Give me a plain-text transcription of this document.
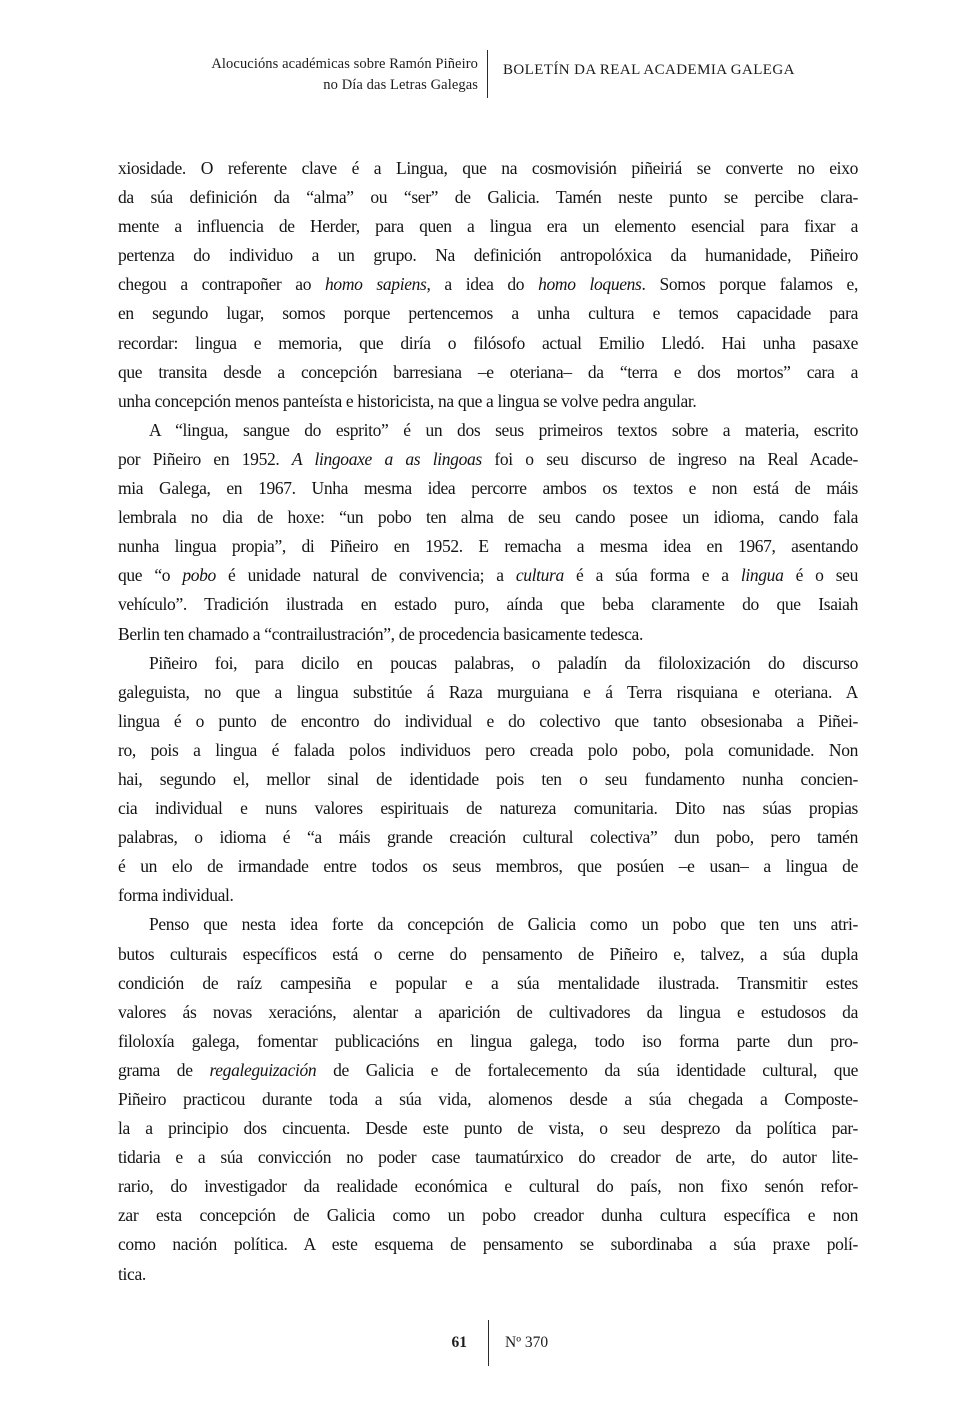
Alocucións académicas sobre Ramón Piñeiro
no Día das Letras Galegas
BOLETÍN DA REAL ACADEMIA GALEGA
xiosidade. O referente clave é a Lingua, que na cosmovisión piñeiriá se converte no eixo
da súa definición da “alma” ou “ser” de Galicia. Tamén neste punto se percibe clara-
mente a influencia de Herder, para quen a lingua era un elemento esencial para fixar a
pertenza do individuo a un grupo. Na definición antropolóxica da humanidade, Piñeiro
chegou a contrapoñer ao homo sapiens, a idea do homo loquens. Somos porque falamos e,
en segundo lugar, somos porque pertencemos a unha cultura e temos capacidade para
recordar: lingua e memoria, que diría o filósofo actual Emilio Lledó. Hai unha pasaxe
que transita desde a concepción barresiana –e oteriana– da “terra e dos mortos” cara a
unha concepción menos panteísta e historicista, na que a lingua se volve pedra angular.
A “lingua, sangue do esprito” é un dos seus primeiros textos sobre a materia, escrito
por Piñeiro en 1952. A lingoaxe a as lingoas foi o seu discurso de ingreso na Real Acade-
mia Galega, en 1967. Unha mesma idea percorre ambos os textos e non está de máis
lembrala no dia de hoxe: “un pobo ten alma de seu cando posee un idioma, cando fala
nunha lingua propia”, di Piñeiro en 1952. E remacha a mesma idea en 1967, asentando
que “o pobo é unidade natural de convivencia; a cultura é a súa forma e a lingua é o seu
vehículo”. Tradición ilustrada en estado puro, aínda que beba claramente do que Isaiah
Berlin ten chamado a “contrailustración”, de procedencia basicamente tedesca.
Piñeiro foi, para dicilo en poucas palabras, o paladín da filoloxización do discurso
galeguista, no que a lingua substitúe á Raza murguiana e á Terra risquiana e oteriana. A
lingua é o punto de encontro do individual e do colectivo que tanto obsesionaba a Piñei-
ro, pois a lingua é falada polos individuos pero creada polo pobo, pola comunidade. Non
hai, segundo el, mellor sinal de identidade pois ten o seu fundamento nunha concien-
cia individual e nuns valores espirituais de natureza comunitaria. Dito nas súas propias
palabras, o idioma é “a máis grande creación cultural colectiva” dun pobo, pero tamén
é un elo de irmandade entre todos os seus membros, que posúen –e usan– a lingua de
forma individual.
Penso que nesta idea forte da concepción de Galicia como un pobo que ten uns atri-
butos culturais específicos está o cerne do pensamento de Piñeiro e, talvez, a súa dupla
condición de raíz campesiña e popular e a súa mentalidade ilustrada. Transmitir estes
valores ás novas xeracións, alentar a aparición de cultivadores da lingua e estudosos da
filoloxía galega, fomentar publicacións en lingua galega, todo iso forma parte dun pro-
grama de regaleguización de Galicia e de fortalecemento da súa identidade cultural, que
Piñeiro practicou durante toda a súa vida, alomenos desde a súa chegada a Composte-
la a principio dos cincuenta. Desde este punto de vista, o seu desprezo da política par-
tidaria e a súa convicción no poder case taumatúrxico do creador de arte, do autor lite-
rario, do investigador da realidade económica e cultural do país, non fixo senón refor-
zar esta concepción de Galicia como un pobo creador dunha cultura específica e non
como nación política. A este esquema de pensamento se subordinaba a súa praxe polí-
tica.
61 Nº 370
